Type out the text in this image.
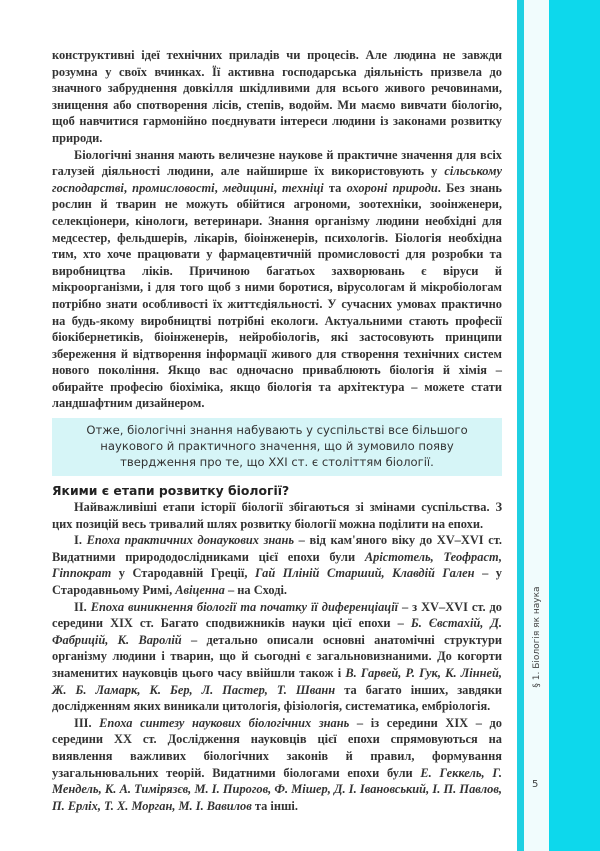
§ 1. Біологія як наука
5

конструктивні ідеї технічних приладів чи процесів. Але людина не завжди розумна у своїх вчинках. Її активна господарська діяльність призвела до значного забруднення довкілля шкідливими для всього живого речовинами, знищення або спотворення лісів, степів, водойм. Ми маємо вивчати біологію, щоб навчитися гармонійно поєднувати інтереси людини із законами розвитку природи.

Біологічні знання мають величезне наукове й практичне значення для всіх галузей діяльності людини, але найширше їх використовують у сільському господарстві, промисловості, медицині, техніці та охороні природи. Без знань рослин й тварин не можуть обійтися агрономи, зоотехніки, зооінженери, селекціонери, кінологи, ветеринари. Знання організму людини необхідні для медсестер, фельдшерів, лікарів, біоінженерів, психологів. Біологія необхідна тим, хто хоче працювати у фармацевтичній промисловості для розробки та виробництва ліків. Причиною багатьох захворювань є віруси й мікроорганізми, і для того щоб з ними боротися, вірусологам й мікробіологам потрібно знати особливості їх життєдіяльності. У сучасних умовах практично на будь-якому виробництві потрібні екологи. Актуальними стають професії біокібернетиків, біоінженерів, нейробіологів, які застосовують принципи збереження й відтворення інформації живого для створення технічних систем нового покоління. Якщо вас одночасно приваблюють біологія й хімія – обирайте професію біохіміка, якщо біологія та архітектура – можете стати ландшафтним дизайнером.

Отже, біологічні знання набувають у суспільстві все більшого наукового й практичного значення, що й зумовило появу твердження про те, що XXI ст. є століттям біології.

Якими є етапи розвитку біології?

Найважливіші етапи історії біології збігаються зі змінами суспільства. З цих позицій весь тривалий шлях розвитку біології можна поділити на епохи.

I. Епоха практичних донаукових знань – від кам'яного віку до XV–XVI ст. Видатними природодослідниками цієї епохи були Арістотель, Теофраст, Гіппократ у Стародавній Греції, Гай Пліній Старший, Клавдій Гален – у Стародавньому Римі, Авіценна – на Сході.

II. Епоха виникнення біології та початку її диференціації – з XV–XVI ст. до середини XIX ст. Багато сподвижників науки цієї епохи – Б. Євстахій, Д. Фабрицій, К. Варолій – детально описали основні анатомічні структури організму людини і тварин, що й сьогодні є загальновизнаними. До когорти знаменитих науковців цього часу ввійшли також і В. Гарвей, Р. Гук, К. Лінней, Ж. Б. Ламарк, К. Бер, Л. Пастер, Т. Шванн та багато інших, завдяки дослідженням яких виникали цитологія, фізіологія, систематика, ембріологія.

III. Епоха синтезу наукових біологічних знань – із середини XIX – до середини XX ст. Дослідження науковців цієї епохи спрямовуються на виявлення важливих біологічних законів й правил, формування узагальнювальних теорій. Видатними біологами епохи були Е. Геккель, Г. Мендель, К. А. Тимірязєв, М. І. Пирогов, Ф. Мішер, Д. І. Івановський, І. П. Павлов, П. Ерліх, Т. Х. Морган, М. І. Вавилов та інші.
